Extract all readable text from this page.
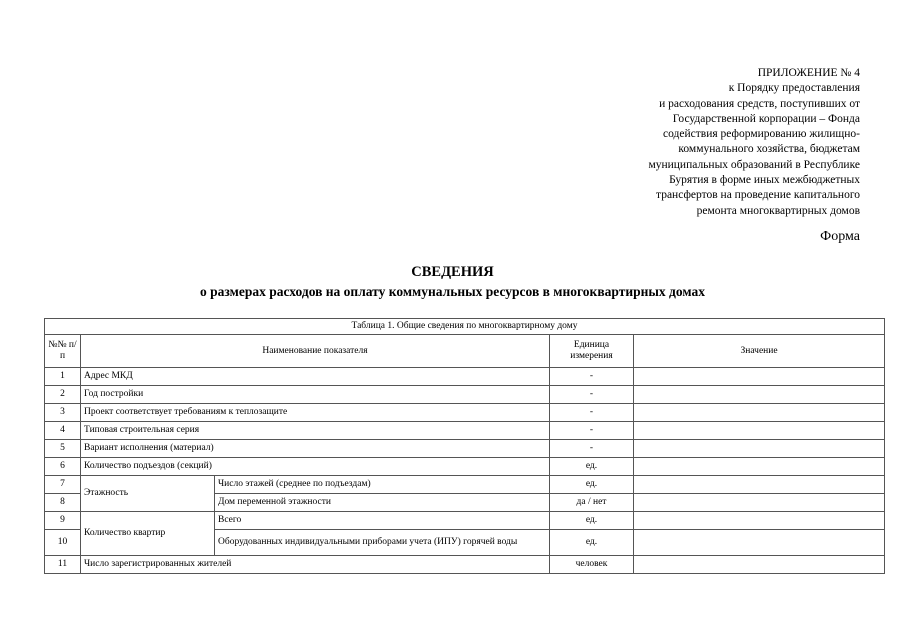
ПРИЛОЖЕНИЕ № 4
к Порядку предоставления
и расходования средств, поступивших от
Государственной корпорации – Фонда
содействия реформированию жилищно-
коммунального хозяйства, бюджетам
муниципальных образований в Республике
Бурятия в форме иных межбюджетных
трансфертов на проведение капитального
ремонта многоквартирных домов
Форма
СВЕДЕНИЯ
о размерах расходов на оплату коммунальных ресурсов в многоквартирных домах
Таблица 1. Общие сведения по многоквартирному дому				
№№ п/п	Наименование показателя		Единица измерения	Значение
1	Адрес МКД		-	
2	Год постройки		-	
3	Проект соответствует требованиям к теплозащите		-	
4	Типовая строительная серия		-	
5	Вариант исполнения (материал)		-	
6	Количество подъездов (секций)		ед.	
7	Этажность	Число этажей (среднее по подъездам)	ед.	
8		Дом переменной этажности	да / нет	
9	Количество квартир	Всего	ед.	
10		Оборудованных индивидуальными приборами учета (ИПУ) горячей воды	ед.	
11	Число зарегистрированных жителей		человек	
